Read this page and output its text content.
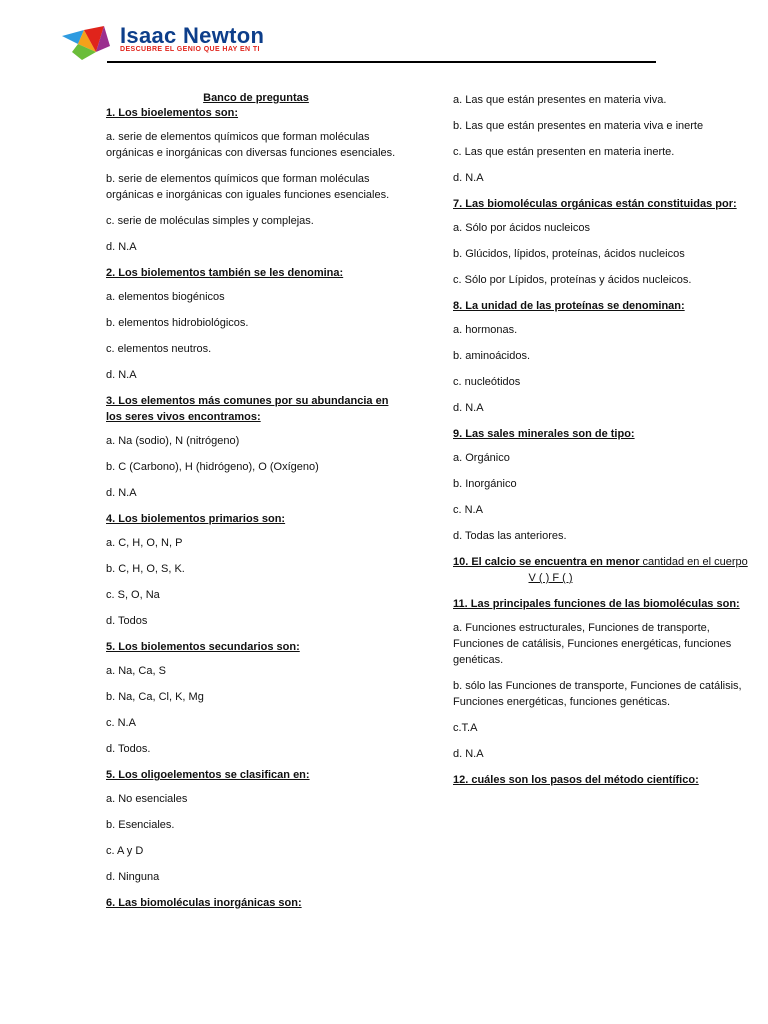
Isaac Newton
DESCUBRE EL GENIO QUE HAY EN TI

Banco de preguntas

1. Los bioelementos son:

a. serie de elementos químicos que forman moléculas orgánicas e inorgánicas con diversas funciones esenciales.

b. serie de elementos químicos que forman moléculas orgánicas e inorgánicas con iguales funciones esenciales.

c. serie de moléculas simples y complejas.

d. N.A

2. Los biolementos también se les denomina:

a. elementos biogénicos

b. elementos hidrobiológicos.

c. elementos neutros.

d. N.A

3. Los elementos más comunes por su abundancia en los seres vivos encontramos:

a. Na (sodio), N (nitrógeno)

b. C (Carbono), H (hidrógeno), O (Oxígeno)

d. N.A

4. Los biolementos primarios son:

a. C, H, O, N, P

b. C, H, O, S, K.

c. S, O, Na

d. Todos

5. Los biolementos secundarios son:

a. Na, Ca, S

b. Na, Ca, Cl, K, Mg

c. N.A

d. Todos.

5. Los oligoelementos se clasifican en:

a. No esenciales

b. Esenciales.

c. A y D

d. Ninguna

6. Las biomoléculas inorgánicas son:

a. Las que están presentes en materia viva.

b. Las que están presentes en materia viva e inerte

c. Las que están presenten en materia inerte.

d. N.A

7. Las biomoléculas orgánicas están constituidas por:

a. Sólo por ácidos nucleicos

b. Glúcidos, lípidos, proteínas, ácidos nucleicos

c. Sólo por Lípidos, proteínas y ácidos nucleicos.

8. La unidad de las proteínas se denominan:

a. hormonas.

b. aminoácidos.

c. nucleótidos

d. N.A

9. Las sales minerales son de tipo:

a. Orgánico

b. Inorgánico

c. N.A

d. Todas las anteriores.

10. El calcio se encuentra en menor cantidad en el cuerpo
V ( ) F ( )

11. Las principales funciones de las biomoléculas son:

a. Funciones estructurales, Funciones de transporte, Funciones de catálisis, Funciones energéticas, funciones genéticas.

b. sólo las Funciones de transporte, Funciones de catálisis, Funciones energéticas, funciones genéticas.

c.T.A

d. N.A

12. cuáles son los pasos del método científico:
